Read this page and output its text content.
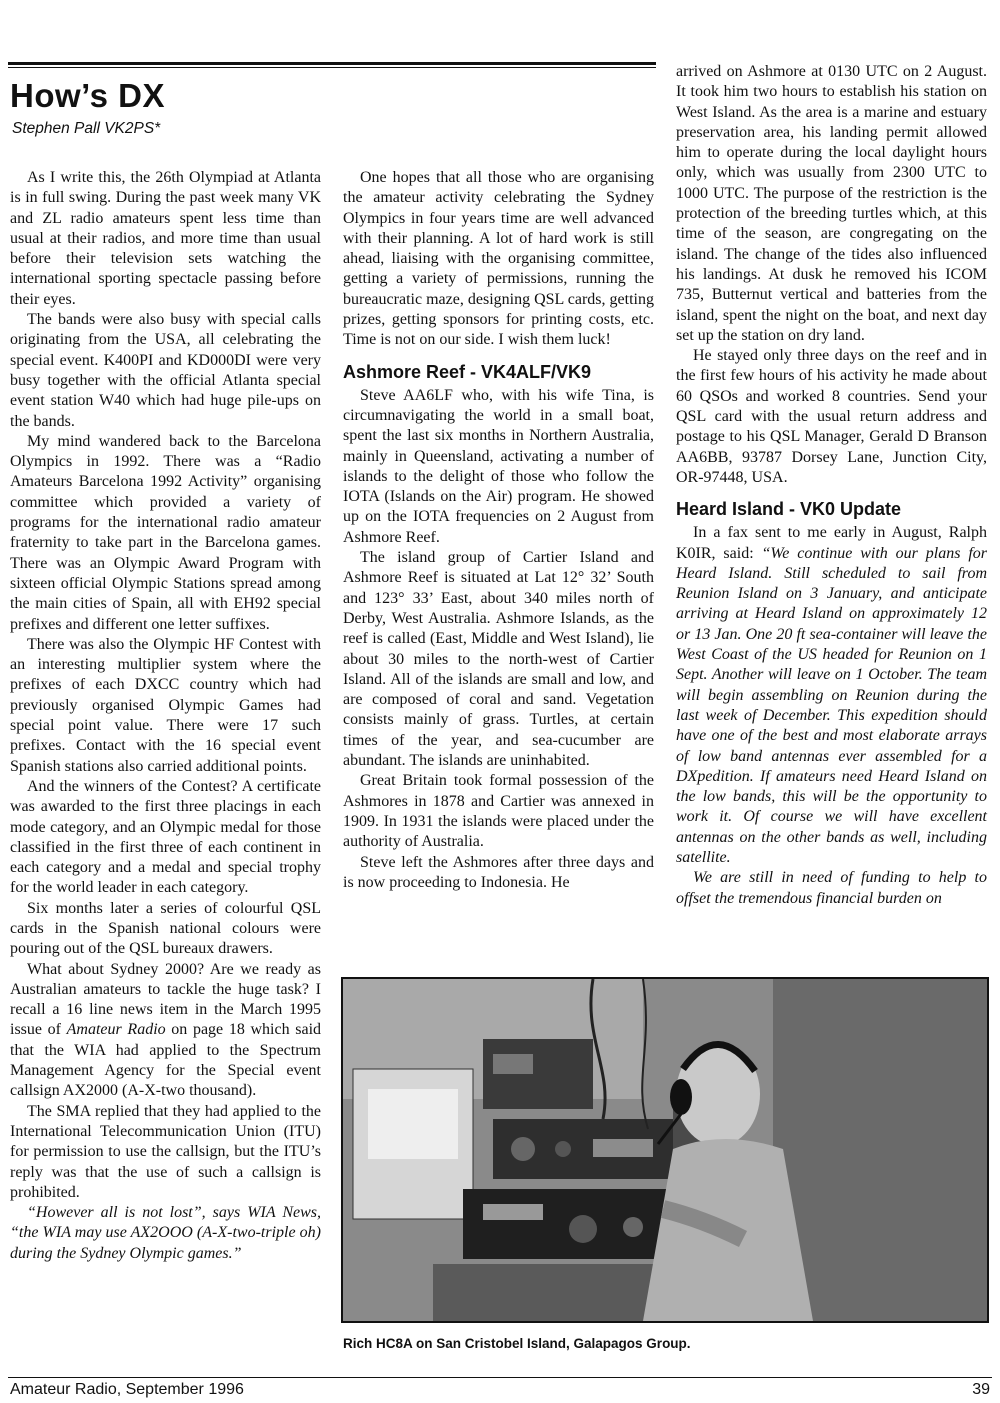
How’s DX
Stephen Pall VK2PS*

As I write this, the 26th Olympiad at Atlanta is in full swing. During the past week many VK and ZL radio amateurs spent less time than usual at their radios, and more time than usual before their television sets watching the international sporting spectacle passing before their eyes.

The bands were also busy with special calls originating from the USA, all celebrating the special event. K400PI and KD000DI were very busy together with the official Atlanta special event station W40 which had huge pile-ups on the bands.

My mind wandered back to the Barcelona Olympics in 1992. There was a “Radio Amateurs Barcelona 1992 Activity” organising committee which provided a variety of programs for the international radio amateur fraternity to take part in the Barcelona games. There was an Olympic Award Program with sixteen official Olympic Stations spread among the main cities of Spain, all with EH92 special prefixes and different one letter suffixes.

There was also the Olympic HF Contest with an interesting multiplier system where the prefixes of each DXCC country which had previously organised Olympic Games had special point value. There were 17 such prefixes. Contact with the 16 special event Spanish stations also carried additional points.

And the winners of the Contest? A certificate was awarded to the first three placings in each mode category, and an Olympic medal for those classified in the first three of each continent in each category and a medal and special trophy for the world leader in each category.

Six months later a series of colourful QSL cards in the Spanish national colours were pouring out of the QSL bureaux drawers.

What about Sydney 2000? Are we ready as Australian amateurs to tackle the huge task? I recall a 16 line news item in the March 1995 issue of Amateur Radio on page 18 which said that the WIA had applied to the Spectrum Management Agency for the Special event callsign AX2000 (A-X-two thousand).

The SMA replied that they had applied to the International Telecommunication Union (ITU) for permission to use the callsign, but the ITU’s reply was that the use of such a callsign is prohibited.

“However all is not lost”, says WIA News, “the WIA may use AX2OOO (A-X-two-triple oh) during the Sydney Olympic games.”

One hopes that all those who are organising the amateur activity celebrating the Sydney Olympics in four years time are well advanced with their planning. A lot of hard work is still ahead, liaising with the organising committee, getting a variety of permissions, running the bureaucratic maze, designing QSL cards, getting prizes, getting sponsors for printing costs, etc. Time is not on our side. I wish them luck!

Ashmore Reef - VK4ALF/VK9

Steve AA6LF who, with his wife Tina, is circumnavigating the world in a small boat, spent the last six months in Northern Australia, mainly in Queensland, activating a number of islands to the delight of those who follow the IOTA (Islands on the Air) program. He showed up on the IOTA frequencies on 2 August from Ashmore Reef.

The island group of Cartier Island and Ashmore Reef is situated at Lat 12° 32’ South and 123° 33’ East, about 340 miles north of Derby, West Australia. Ashmore Islands, as the reef is called (East, Middle and West Island), lie about 30 miles to the north-west of Cartier Island. All of the islands are small and low, and are composed of coral and sand. Vegetation consists mainly of grass. Turtles, at certain times of the year, and sea-cucumber are abundant. The islands are uninhabited.

Great Britain took formal possession of the Ashmores in 1878 and Cartier was annexed in 1909. In 1931 the islands were placed under the authority of Australia.

Steve left the Ashmores after three days and is now proceeding to Indonesia. He

arrived on Ashmore at 0130 UTC on 2 August. It took him two hours to establish his station on West Island. As the area is a marine and estuary preservation area, his landing permit allowed him to operate during the local daylight hours only, which was usually from 2300 UTC to 1000 UTC. The purpose of the restriction is the protection of the breeding turtles which, at this time of the season, are congregating on the island. The change of the tides also influenced his landings. At dusk he removed his ICOM 735, Butternut vertical and batteries from the island, spent the night on the boat, and next day set up the station on dry land.

He stayed only three days on the reef and in the first few hours of his activity he made about 60 QSOs and worked 8 countries. Send your QSL card with the usual return address and postage to his QSL Manager, Gerald D Branson AA6BB, 93787 Dorsey Lane, Junction City, OR-97448, USA.

Heard Island - VK0 Update

In a fax sent to me early in August, Ralph K0IR, said: “We continue with our plans for Heard Island. Still scheduled to sail from Reunion Island on 3 January, and anticipate arriving at Heard Island on approximately 12 or 13 Jan. One 20 ft sea-container will leave the West Coast of the US headed for Reunion on 1 Sept. Another will leave on 1 October. The team will begin assembling on Reunion during the last week of December. This expedition should have one of the best and most elaborate arrays of low band antennas ever assembled for a DXpedition. If amateurs need Heard Island on the low bands, this will be the opportunity to work it. Of course we will have excellent antennas on the other bands as well, including satellite.

We are still in need of funding to help to offset the tremendous financial burden on

Rich HC8A on San Cristobel Island, Galapagos Group.
Amateur Radio, September 1996	39
